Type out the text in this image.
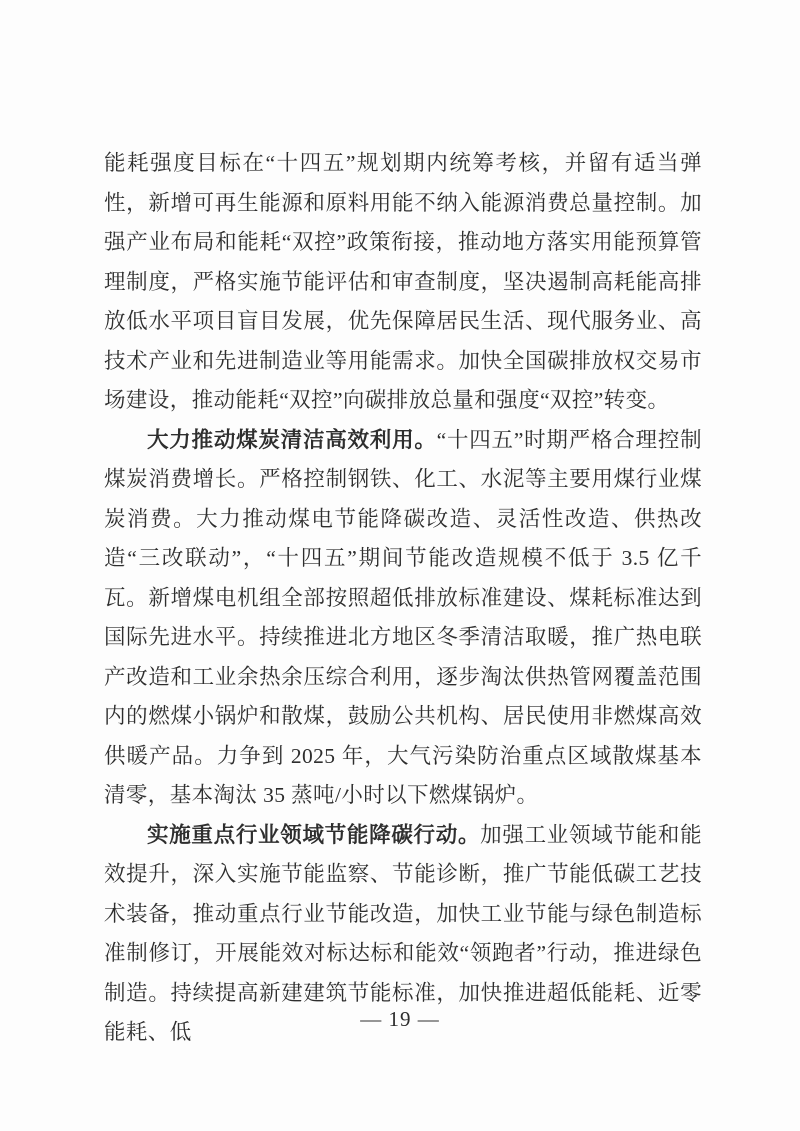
能耗强度目标在“十四五”规划期内统筹考核，并留有适当弹性，新增可再生能源和原料用能不纳入能源消费总量控制。加强产业布局和能耗“双控”政策衔接，推动地方落实用能预算管理制度，严格实施节能评估和审查制度，坚决遏制高耗能高排放低水平项目盲目发展，优先保障居民生活、现代服务业、高技术产业和先进制造业等用能需求。加快全国碳排放权交易市场建设，推动能耗“双控”向碳排放总量和强度“双控”转变。

大力推动煤炭清洁高效利用。“十四五”时期严格合理控制煤炭消费增长。严格控制钢铁、化工、水泥等主要用煤行业煤炭消费。大力推动煤电节能降碳改造、灵活性改造、供热改造“三改联动”，“十四五”期间节能改造规模不低于 3.5 亿千瓦。新增煤电机组全部按照超低排放标准建设、煤耗标准达到国际先进水平。持续推进北方地区冬季清洁取暖，推广热电联产改造和工业余热余压综合利用，逐步淘汰供热管网覆盖范围内的燃煤小锅炉和散煤，鼓励公共机构、居民使用非燃煤高效供暖产品。力争到 2025 年，大气污染防治重点区域散煤基本清零，基本淘汰 35 蒸吨/小时以下燃煤锅炉。

实施重点行业领域节能降碳行动。加强工业领域节能和能效提升，深入实施节能监察、节能诊断，推广节能低碳工艺技术装备，推动重点行业节能改造，加快工业节能与绿色制造标准制修订，开展能效对标达标和能效“领跑者”行动，推进绿色制造。持续提高新建建筑节能标准，加快推进超低能耗、近零能耗、低

— 19 —
